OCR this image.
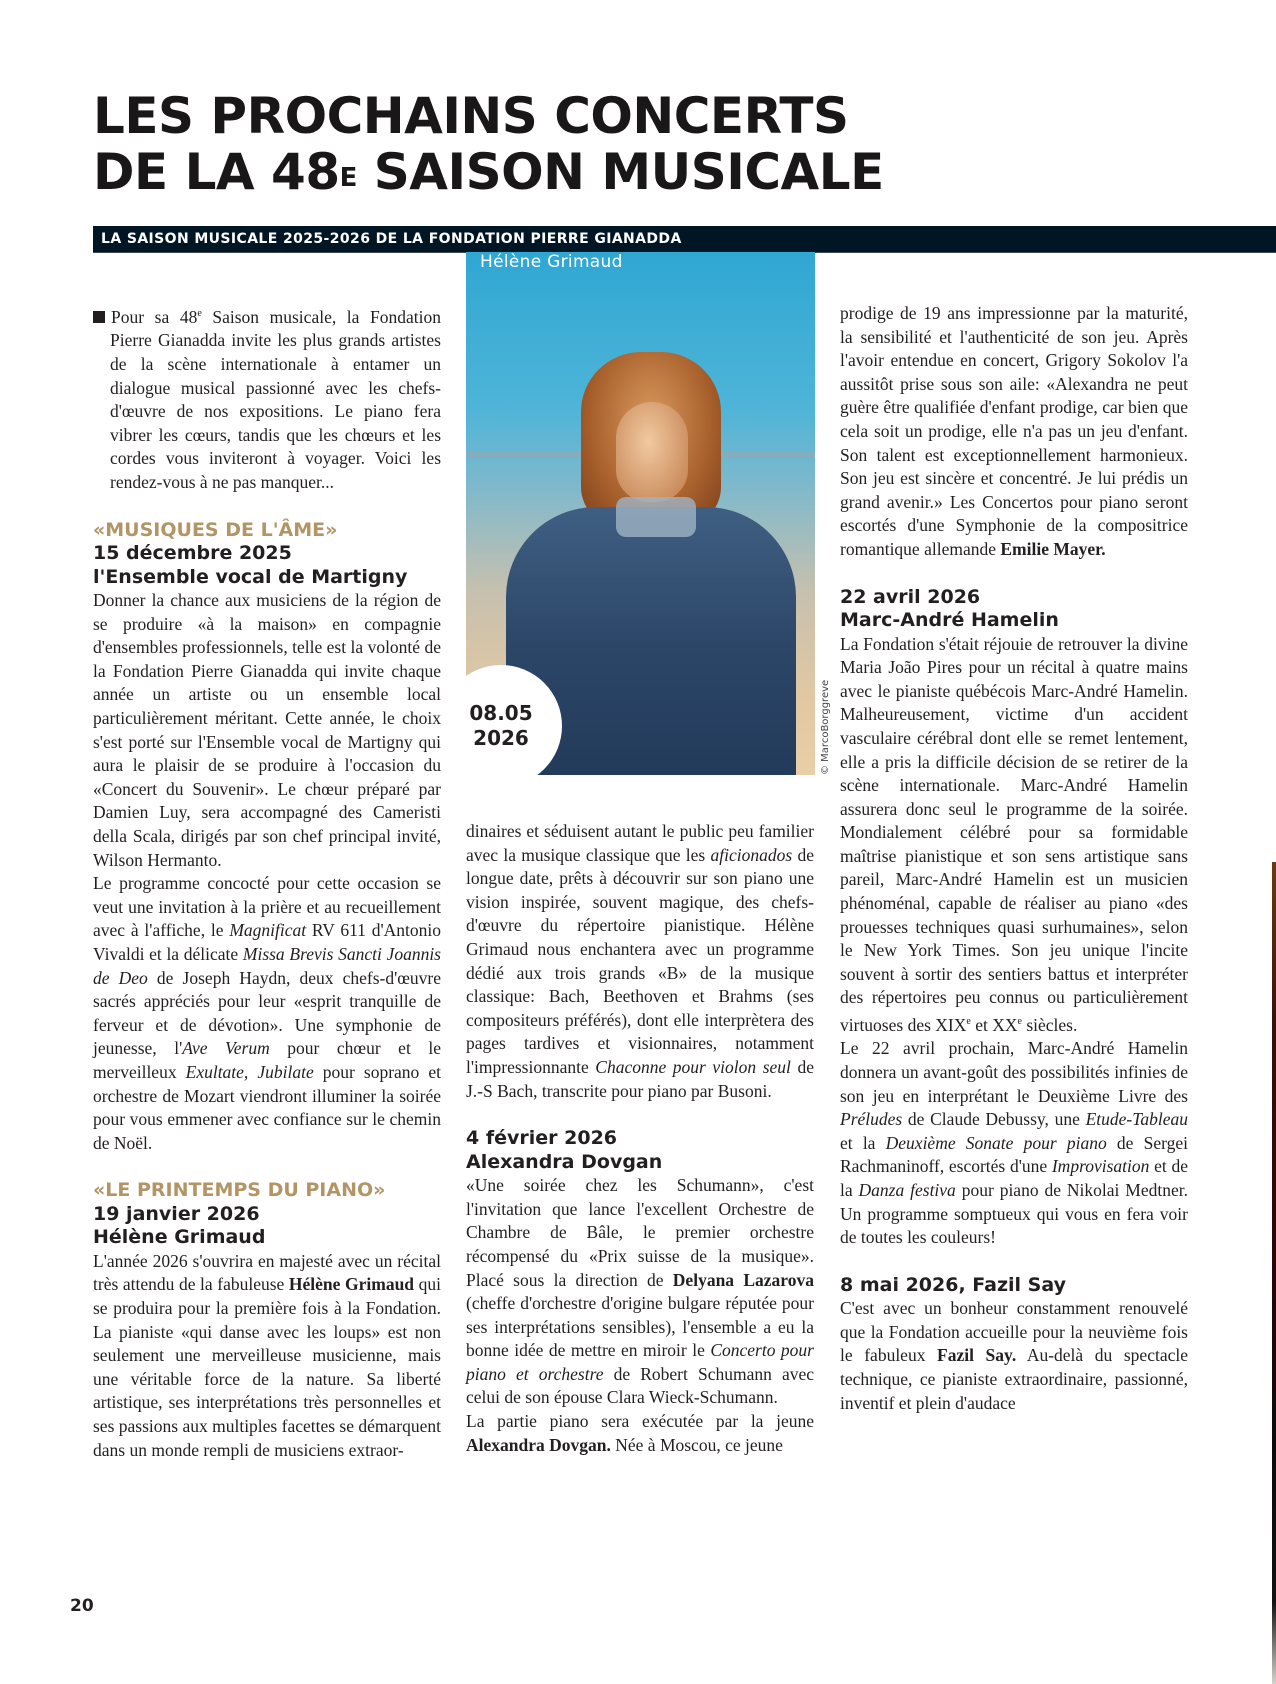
LES PROCHAINS CONCERTS
DE LA $48^E$ SAISON MUSICALE
LA SAISON MUSICALE 2025-2026 DE LA FONDATION PIERRE GIANADDA
Hélène Grimaud
08.05
2026	© MarcoBorggreve

Pour sa 48e Saison musicale, la Fondation Pierre Gianadda invite les plus grands artistes de la scène internationale à entamer un dialogue musical passionné avec les chefs-d'œuvre de nos expositions. Le piano fera vibrer les cœurs, tandis que les chœurs et les cordes vous inviteront à voyager. Voici les rendez-vous à ne pas manquer...

«MUSIQUES DE L'ÂME»
15 décembre 2025
l'Ensemble vocal de Martigny

Donner la chance aux musiciens de la région de se produire «à la maison» en compagnie d'ensembles professionnels, telle est la volonté de la Fondation Pierre Gianadda qui invite chaque année un artiste ou un ensemble local particulièrement méritant. Cette année, le choix s'est porté sur l'Ensemble vocal de Martigny qui aura le plaisir de se produire à l'occasion du «Concert du Souvenir». Le chœur préparé par Damien Luy, sera accompagné des Cameristi della Scala, dirigés par son chef principal invité, Wilson Hermanto.

Le programme concocté pour cette occasion se veut une invitation à la prière et au recueillement avec à l'affiche, le Magnificat RV 611 d'Antonio Vivaldi et la délicate Missa Brevis Sancti Joannis de Deo de Joseph Haydn, deux chefs-d'œuvre sacrés appréciés pour leur «esprit tranquille de ferveur et de dévotion». Une symphonie de jeunesse, l'Ave Verum pour chœur et le merveilleux Exultate, Jubilate pour soprano et orchestre de Mozart viendront illuminer la soirée pour vous emmener avec confiance sur le chemin de Noël.

«LE PRINTEMPS DU PIANO»
19 janvier 2026
Hélène Grimaud

L'année 2026 s'ouvrira en majesté avec un récital très attendu de la fabuleuse Hélène Grimaud qui se produira pour la première fois à la Fondation. La pianiste «qui danse avec les loups» est non seulement une merveilleuse musicienne, mais une véritable force de la nature. Sa liberté artistique, ses interprétations très personnelles et ses passions aux multiples facettes se démarquent dans un monde rempli de musiciens extraor-

dinaires et séduisent autant le public peu familier avec la musique classique que les aficionados de longue date, prêts à découvrir sur son piano une vision inspirée, souvent magique, des chefs-d'œuvre du répertoire pianistique. Hélène Grimaud nous enchantera avec un programme dédié aux trois grands «B» de la musique classique: Bach, Beethoven et Brahms (ses compositeurs préférés), dont elle interprètera des pages tardives et visionnaires, notamment l'impressionnante Chaconne pour violon seul de J.-S Bach, transcrite pour piano par Busoni.

4 février 2026
Alexandra Dovgan

«Une soirée chez les Schumann», c'est l'invitation que lance l'excellent Orchestre de Chambre de Bâle, le premier orchestre récompensé du «Prix suisse de la musique». Placé sous la direction de Delyana Lazarova (cheffe d'orchestre d'origine bulgare réputée pour ses interprétations sensibles), l'ensemble a eu la bonne idée de mettre en miroir le Concerto pour piano et orchestre de Robert Schumann avec celui de son épouse Clara Wieck-Schumann.

La partie piano sera exécutée par la jeune Alexandra Dovgan. Née à Moscou, ce jeune

prodige de 19 ans impressionne par la maturité, la sensibilité et l'authenticité de son jeu. Après l'avoir entendue en concert, Grigory Sokolov l'a aussitôt prise sous son aile: «Alexandra ne peut guère être qualifiée d'enfant prodige, car bien que cela soit un prodige, elle n'a pas un jeu d'enfant. Son talent est exceptionnellement harmonieux. Son jeu est sincère et concentré. Je lui prédis un grand avenir.» Les Concertos pour piano seront escortés d'une Symphonie de la compositrice romantique allemande Emilie Mayer.

22 avril 2026
Marc-André Hamelin

La Fondation s'était réjouie de retrouver la divine Maria João Pires pour un récital à quatre mains avec le pianiste québécois Marc-André Hamelin. Malheureusement, victime d'un accident vasculaire cérébral dont elle se remet lentement, elle a pris la difficile décision de se retirer de la scène internationale. Marc-André Hamelin assurera donc seul le programme de la soirée. Mondialement célébré pour sa formidable maîtrise pianistique et son sens artistique sans pareil, Marc-André Hamelin est un musicien phénoménal, capable de réaliser au piano «des prouesses techniques quasi surhumaines», selon le New York Times. Son jeu unique l'incite souvent à sortir des sentiers battus et interpréter des répertoires peu connus ou particulièrement virtuoses des XIXe et XXe siècles.

Le 22 avril prochain, Marc-André Hamelin donnera un avant-goût des possibilités infinies de son jeu en interprétant le Deuxième Livre des Préludes de Claude Debussy, une Etude-Tableau et la Deuxième Sonate pour piano de Sergei Rachmaninoff, escortés d'une Improvisation et de la Danza festiva pour piano de Nikolai Medtner. Un programme somptueux qui vous en fera voir de toutes les couleurs!

8 mai 2026, Fazil Say

C'est avec un bonheur constamment renouvelé que la Fondation accueille pour la neuvième fois le fabuleux Fazil Say. Au-delà du spectacle technique, ce pianiste extraordinaire, passionné, inventif et plein d'audace

20
